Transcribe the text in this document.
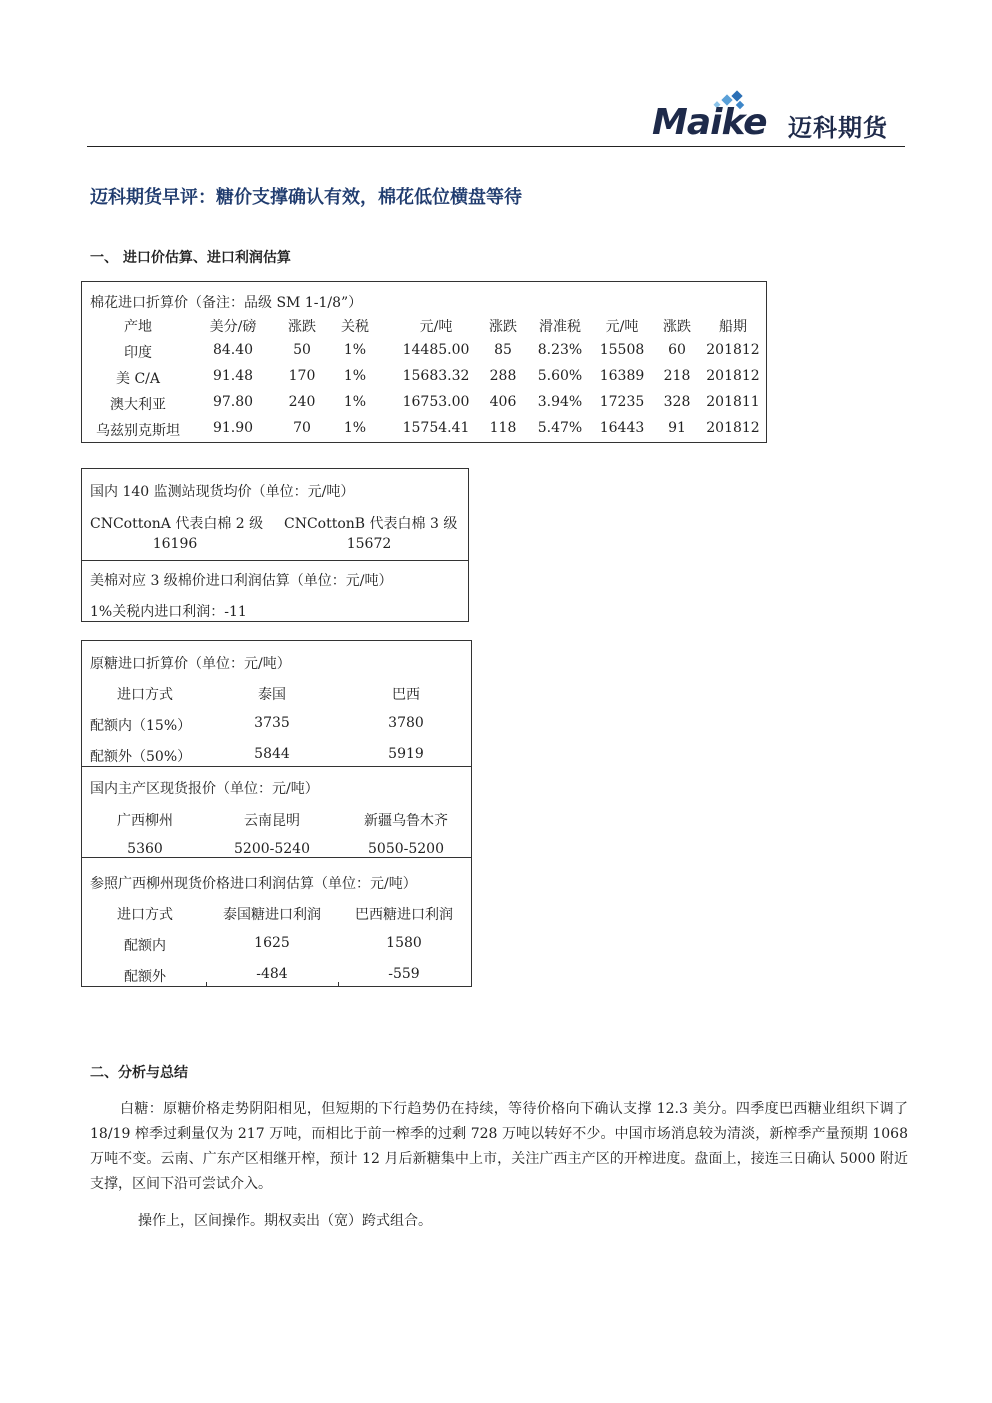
Maike 迈科期货
迈科期货早评：糖价支撑确认有效，棉花低位横盘等待
一、 进口价估算、进口利润估算
棉花进口折算价（备注：品级 SM 1-1/8”）
产地	美分/磅	涨跌	关税	元/吨	涨跌	滑准税	元/吨	涨跌	船期
印度	84.40	50	1%	14485.00	85	8.23%	15508	60	201812
美 C/A	91.48	170	1%	15683.32	288	5.60%	16389	218	201812
澳大利亚	97.80	240	1%	16753.00	406	3.94%	17235	328	201811
乌兹别克斯坦	91.90	70	1%	15754.41	118	5.47%	16443	91	201812
国内 140 监测站现货均价（单位：元/吨）
CNCottonA 代表白棉 2 级 CNCottonB 代表白棉 3 级
16196	15672
美棉对应 3 级棉价进口利润估算（单位：元/吨）
1%关税内进口利润：-11
原糖进口折算价（单位：元/吨）
进口方式	泰国	巴西
配额内（15%）	3735	3780
配额外（50%）	5844	5919
国内主产区现货报价（单位：元/吨）
广西柳州	云南昆明	新疆乌鲁木齐
5360	5200-5240	5050-5200
参照广西柳州现货价格进口利润估算（单位：元/吨）
进口方式	泰国糖进口利润	巴西糖进口利润
配额内	1625	1580
配额外	-484	-559
二、分析与总结
白糖：原糖价格走势阴阳相见，但短期的下行趋势仍在持续，等待价格向下确认支撑 12.3 美分。四季度巴西糖业组织下调了 18/19 榨季过剩量仅为 217 万吨，而相比于前一榨季的过剩 728 万吨以转好不少。中国市场消息较为清淡，新榨季产量预期 1068 万吨不变。云南、广东产区相继开榨，预计 12 月后新糖集中上市，关注广西主产区的开榨进度。盘面上，接连三日确认 5000 附近支撑，区间下沿可尝试介入。
操作上，区间操作。期权卖出（宽）跨式组合。
